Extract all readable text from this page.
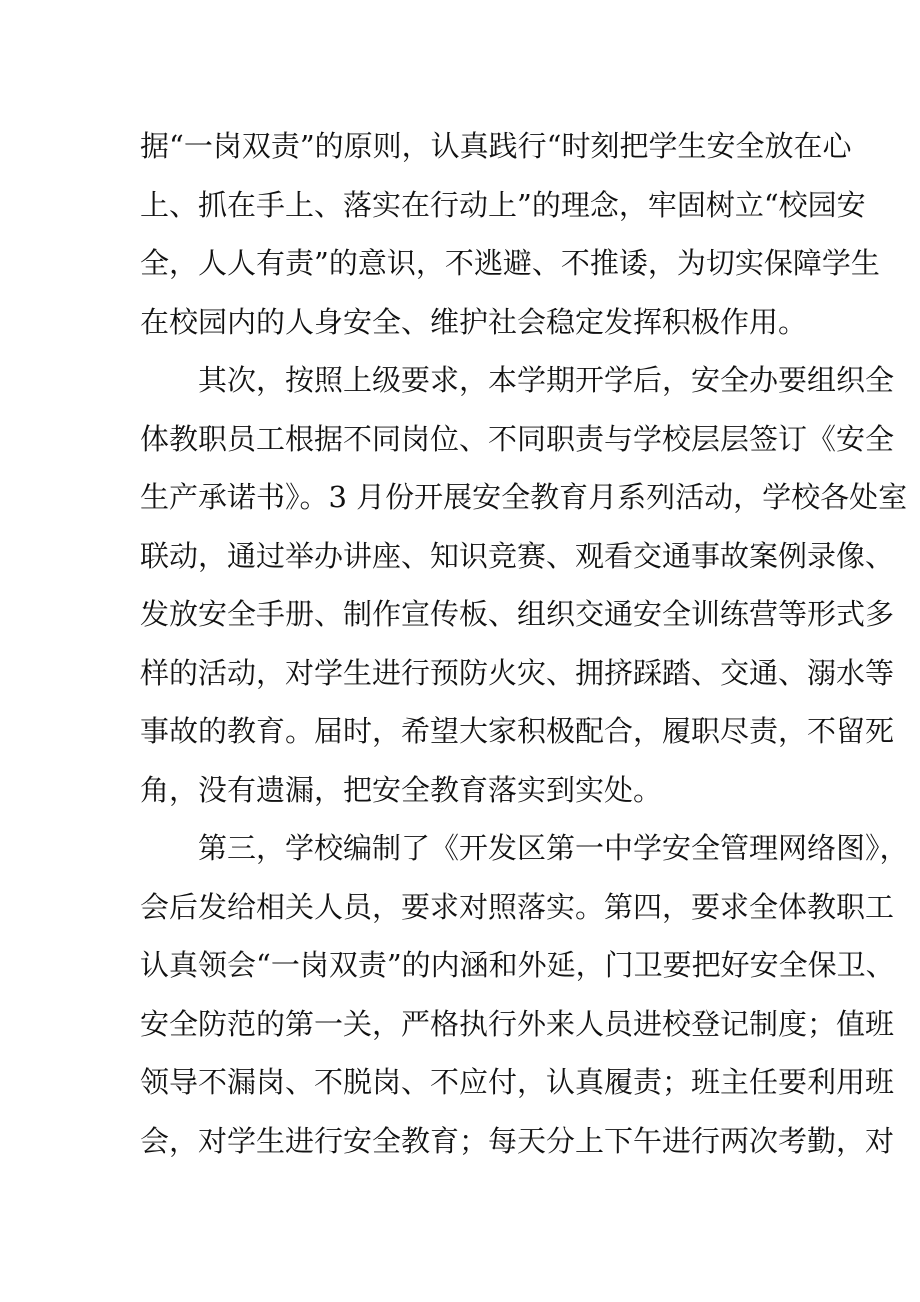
据“一岗双责”的原则，认真践行“时刻把学生安全放在心
上、抓在手上、落实在行动上”的理念，牢固树立“校园安
全，人人有责”的意识，不逃避、不推诿，为切实保障学生
在校园内的人身安全、维护社会稳定发挥积极作用。

其次，按照上级要求，本学期开学后，安全办要组织全
体教职员工根据不同岗位、不同职责与学校层层签订《安全
生产承诺书》。3 月份开展安全教育月系列活动，学校各处室
联动，通过举办讲座、知识竞赛、观看交通事故案例录像、
发放安全手册、制作宣传板、组织交通安全训练营等形式多
样的活动，对学生进行预防火灾、拥挤踩踏、交通、溺水等
事故的教育。届时，希望大家积极配合，履职尽责，不留死
角，没有遗漏，把安全教育落实到实处。

第三，学校编制了《开发区第一中学安全管理网络图》，
会后发给相关人员，要求对照落实。第四，要求全体教职工
认真领会“一岗双责”的内涵和外延，门卫要把好安全保卫、
安全防范的第一关，严格执行外来人员进校登记制度；值班
领导不漏岗、不脱岗、不应付，认真履责；班主任要利用班
会，对学生进行安全教育；每天分上下午进行两次考勤，对
